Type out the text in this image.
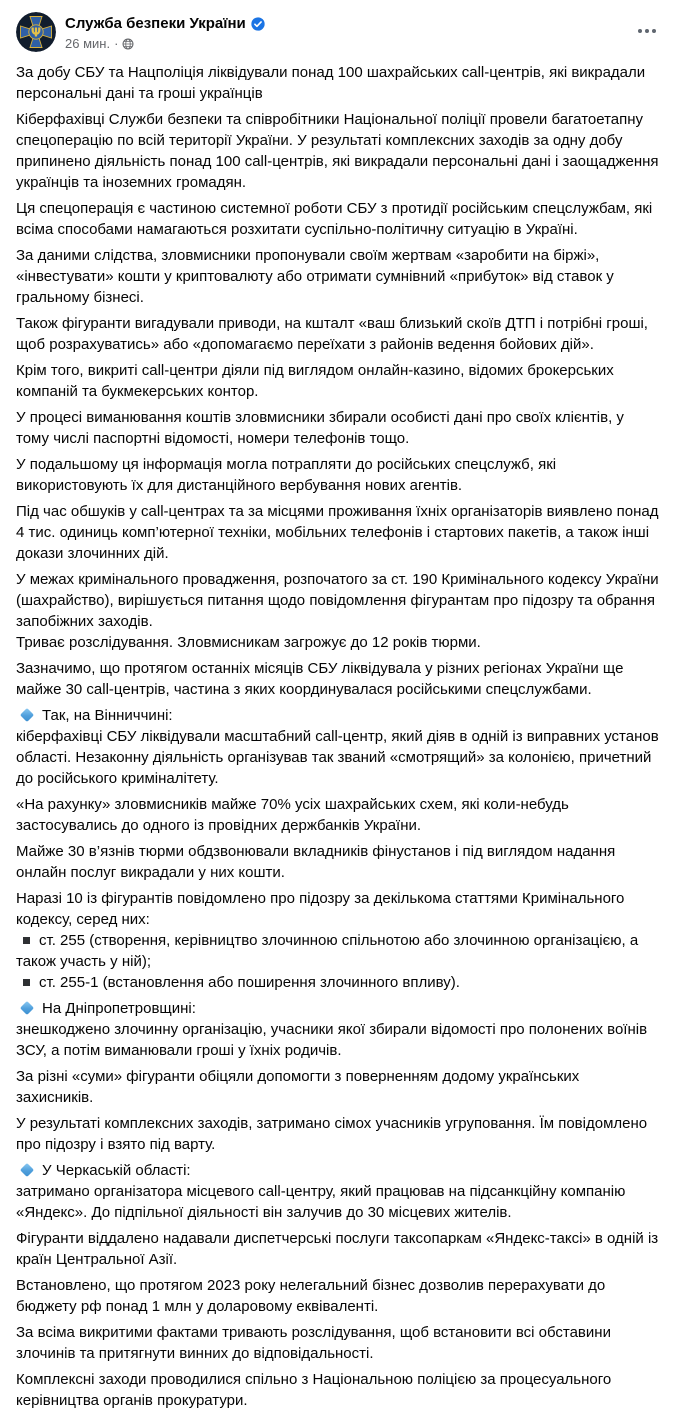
Ψ
Служба безпеки України
26 мин. ·
За добу СБУ та Нацполіція ліквідували понад 100 шахрайських call-центрів, які викрадали персональні дані та гроші українців
Кіберфахівці Служби безпеки та співробітники Національної поліції провели багатоетапну спецоперацію по всій території України. У результаті комплексних заходів за одну добу припинено діяльність понад 100 call-центрів, які викрадали персональні дані і заощадження українців та іноземних громадян.
Ця спецоперація є частиною системної роботи СБУ з протидії російським спецслужбам, які всіма способами намагаються розхитати суспільно-політичну ситуацію в Україні.
За даними слідства, зловмисники пропонували своїм жертвам «заробити на біржі», «інвестувати» кошти у криптовалюту або отримати сумнівний «прибуток» від ставок у гральному бізнесі.
Також фігуранти вигадували приводи, на кшталт «ваш близький скоїв ДТП і потрібні гроші, щоб розрахуватись» або «допомагаємо переїхати з районів ведення бойових дій».
Крім того, викриті call-центри діяли під виглядом онлайн-казино, відомих брокерських компаній та букмекерських контор.
У процесі виманювання коштів зловмисники збирали особисті дані про своїх клієнтів, у тому числі паспортні відомості, номери телефонів тощо.
У подальшому ця інформація могла потрапляти до російських спецслужб, які використовують їх для дистанційного вербування нових агентів.
Під час обшуків у call-центрах та за місцями проживання їхніх організаторів виявлено понад 4 тис. одиниць комп’ютерної техніки, мобільних телефонів і стартових пакетів, а також інші докази злочинних дій.
У межах кримінального провадження, розпочатого за ст. 190 Кримінального кодексу України (шахрайство), вирішується питання щодо повідомлення фігурантам про підозру та обрання запобіжних заходів.
Триває розслідування. Зловмисникам загрожує до 12 років тюрми.
Зазначимо, що протягом останніх місяців СБУ ліквідувала у різних регіонах України ще майже 30 call-центрів, частина з яких координувалася російськими спецслужбами.
Так, на Вінниччині:
кіберфахівці СБУ ліквідували масштабний call-центр, який діяв в одній із виправних установ області. Незаконну діяльність організував так званий «смотрящий» за колонією, причетний до російського криміналітету.
«На рахунку» зловмисників майже 70% усіх шахрайських схем, які коли-небудь застосувались до одного із провідних держбанків України.
Майже 30 в’язнів тюрми обдзвонювали вкладників фінустанов і під виглядом надання онлайн послуг викрадали у них кошти.
Наразі 10 із фігурантів повідомлено про підозру за декількома статтями Кримінального кодексу, серед них:
ст. 255 (створення, керівництво злочинною спільнотою або злочинною організацією, а також участь у ній);
ст. 255-1 (встановлення або поширення злочинного впливу).
На Дніпропетровщині:
знешкоджено злочинну організацію, учасники якої збирали відомості про полонених воїнів ЗСУ, а потім виманювали гроші у їхніх родичів.
За різні «суми» фігуранти обіцяли допомогти з поверненням додому українських захисників.
У результаті комплексних заходів, затримано сімох учасників угруповання. Їм повідомлено про підозру і взято під варту.
У Черкаській області:
затримано організатора місцевого call-центру, який працював на підсанкційну компанію «Яндекс». До підпільної діяльності він залучив до 30 місцевих жителів.
Фігуранти віддалено надавали диспетчерські послуги таксопаркам «Яндекс-таксі» в одній із країн Центральної Азії.
Встановлено, що протягом 2023 року нелегальний бізнес дозволив перерахувати до бюджету рф понад 1 млн у доларовому еквіваленті.
За всіма викритими фактами тривають розслідування, щоб встановити всі обставини злочинів та притягнути винних до відповідальності.
Комплексні заходи проводилися спільно з Національною поліцією за процесуального керівництва органів прокуратури.
